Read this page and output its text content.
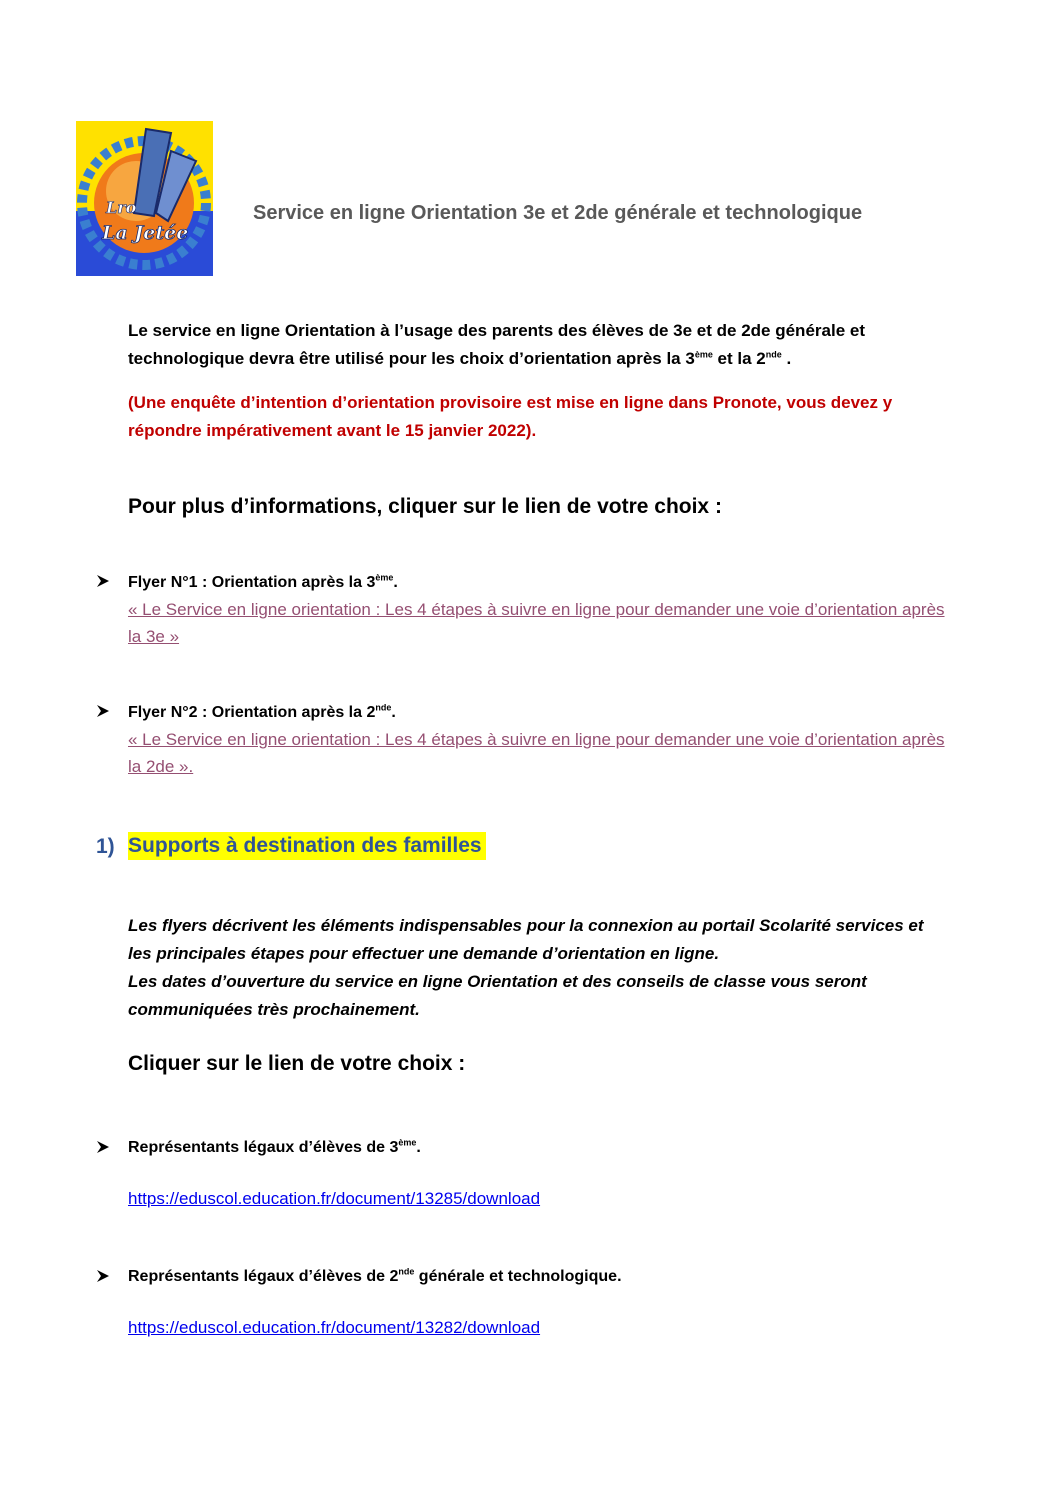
Lro
La Jetée
Service en ligne Orientation 3e et 2de générale et technologique
Le service en ligne Orientation à l’usage des parents des élèves de 3e et de 2de générale et
technologique devra être utilisé pour les choix d’orientation après la 3ème et la 2nde .
(Une enquête d’intention d’orientation provisoire est mise en ligne dans Pronote, vous devez y
répondre impérativement avant le 15 janvier 2022).
Pour plus d’informations, cliquer sur le lien de votre choix :
Flyer N°1 : Orientation après la 3ème.
« Le Service en ligne orientation : Les 4 étapes à suivre en ligne pour demander une voie d’orientation après
la 3e »
Flyer N°2 : Orientation après la 2nde.
« Le Service en ligne orientation : Les 4 étapes à suivre en ligne pour demander une voie d’orientation après
la 2de ».
1) Supports à destination des familles
Les flyers décrivent les éléments indispensables pour la connexion au portail Scolarité services et
les principales étapes pour effectuer une demande d’orientation en ligne.
Les dates d’ouverture du service en ligne Orientation et des conseils de classe vous seront
communiquées très prochainement.
Cliquer sur le lien de votre choix :
Représentants légaux d’élèves de 3ème.
https://eduscol.education.fr/document/13285/download
Représentants légaux d’élèves de 2nde générale et technologique.
https://eduscol.education.fr/document/13282/download
